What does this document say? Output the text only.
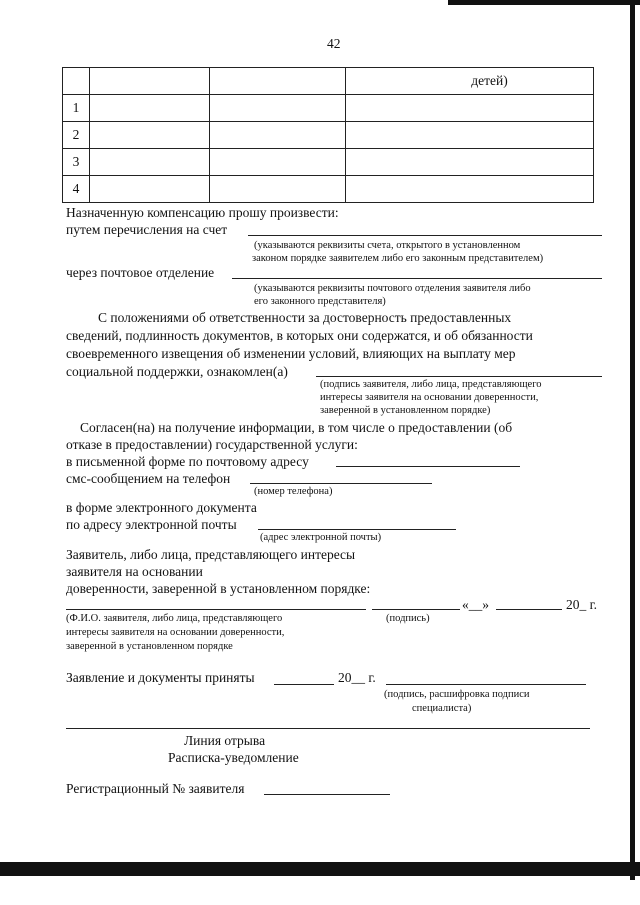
42
			детей)
1			
2			
3			
4			
Назначенную компенсацию прошу произвести:
путем перечисления на счет
(указываются реквизиты счета, открытого в установленном
законом порядке заявителем либо его законным представителем)
через почтовое отделение
(указываются реквизиты почтового отделения заявителя либо
его законного представителя)
С положениями об ответственности за достоверность предоставленных
сведений, подлинность документов, в которых они содержатся, и об обязанности
своевременного извещения об изменении условий, влияющих на выплату мер
социальной поддержки, ознакомлен(а)
(подпись заявителя, либо лица, представляющего
интересы заявителя на основании доверенности,
заверенной в установленном порядке)
Согласен(на) на получение информации, в том числе о предоставлении (об
отказе в предоставлении) государственной услуги:
в письменной форме по почтовому адресу
смс-сообщением на телефон
(номер телефона)
в форме электронного документа
по адресу электронной почты
(адрес электронной почты)
Заявитель, либо лица, представляющего интересы
заявителя на основании
доверенности, заверенной в установленном порядке:
«__»	20_ г.
(Ф.И.О. заявителя, либо лица, представляющего
интересы заявителя на основании доверенности,
заверенной в установленном порядке
(подпись)
Заявление и документы приняты	20__ г.
(подпись, расшифровка подписи
специалиста)
Линия отрыва
Расписка-уведомление
Регистрационный № заявителя
